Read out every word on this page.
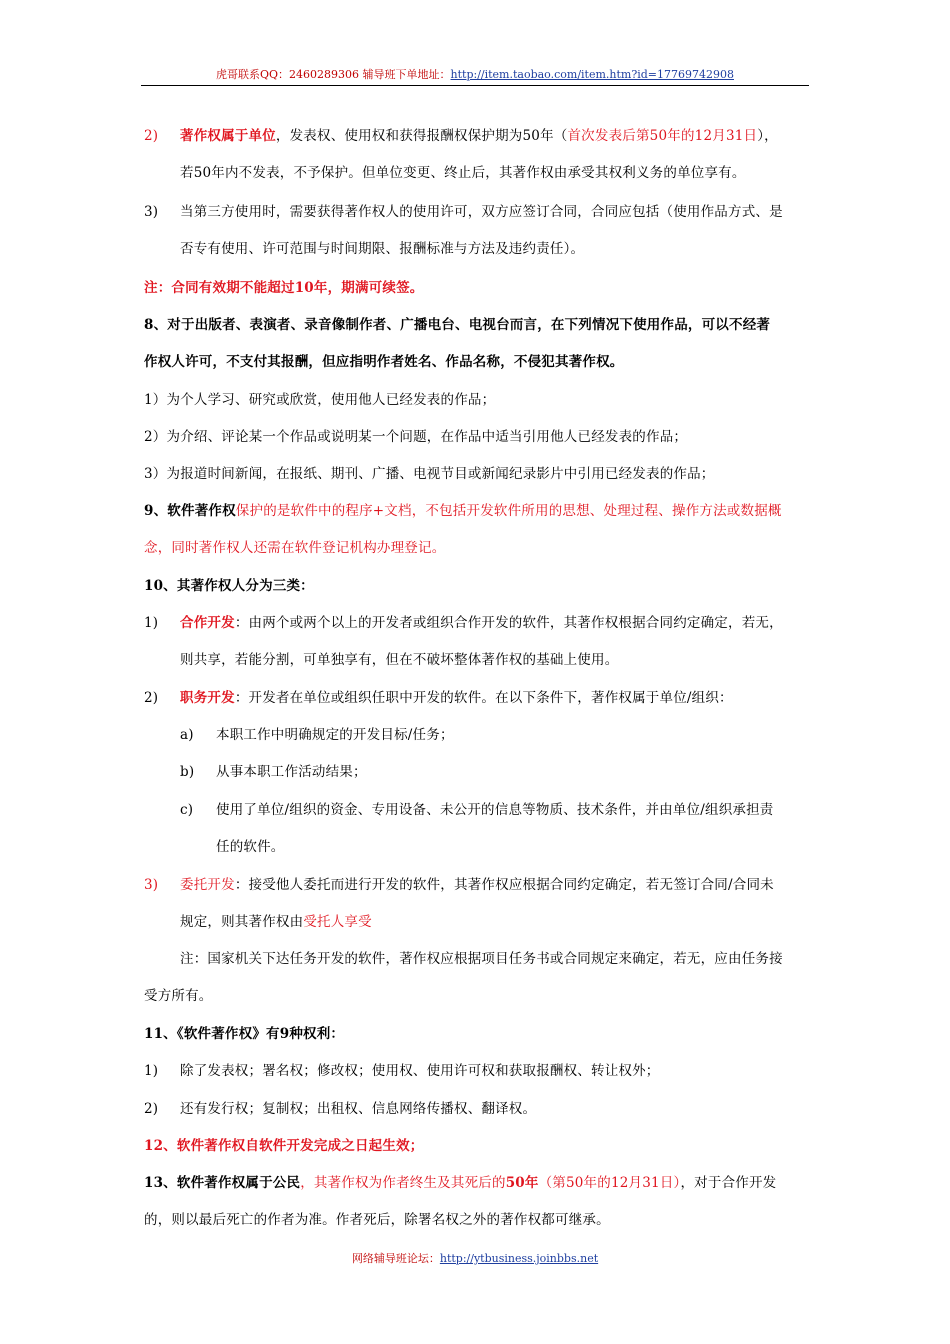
虎哥联系QQ：2460289306 辅导班下单地址：http://item.taobao.com/item.htm?id=17769742908
2) 著作权属于单位，发表权、使用权和获得报酬权保护期为50年（首次发表后第50年的12月31日），
若50年内不发表，不予保护。但单位变更、终止后，其著作权由承受其权利义务的单位享有。
3) 当第三方使用时，需要获得著作权人的使用许可，双方应签订合同，合同应包括（使用作品方式、是
否专有使用、许可范围与时间期限、报酬标准与方法及违约责任）。
注：合同有效期不能超过10年，期满可续签。
8、对于出版者、表演者、录音像制作者、广播电台、电视台而言，在下列情况下使用作品，可以不经著
作权人许可，不支付其报酬，但应指明作者姓名、作品名称，不侵犯其著作权。
1）为个人学习、研究或欣赏，使用他人已经发表的作品；
2）为介绍、评论某一个作品或说明某一个问题，在作品中适当引用他人已经发表的作品；
3）为报道时间新闻，在报纸、期刊、广播、电视节目或新闻纪录影片中引用已经发表的作品；
9、软件著作权保护的是软件中的程序+文档，不包括开发软件所用的思想、处理过程、操作方法或数据概
念，同时著作权人还需在软件登记机构办理登记。
10、其著作权人分为三类：
1) 合作开发：由两个或两个以上的开发者或组织合作开发的软件，其著作权根据合同约定确定，若无，
则共享，若能分割，可单独享有，但在不破坏整体著作权的基础上使用。
2) 职务开发：开发者在单位或组织任职中开发的软件。在以下条件下，著作权属于单位/组织：
a) 本职工作中明确规定的开发目标/任务；
b) 从事本职工作活动结果；
c) 使用了单位/组织的资金、专用设备、未公开的信息等物质、技术条件，并由单位/组织承担责
任的软件。
3) 委托开发：接受他人委托而进行开发的软件，其著作权应根据合同约定确定，若无签订合同/合同未
规定，则其著作权由受托人享受
注：国家机关下达任务开发的软件，著作权应根据项目任务书或合同规定来确定，若无，应由任务接
受方所有。
11、《软件著作权》有9种权利：
1) 除了发表权；署名权；修改权；使用权、使用许可权和获取报酬权、转让权外；
2) 还有发行权；复制权；出租权、信息网络传播权、翻译权。
12、软件著作权自软件开发完成之日起生效；
13、软件著作权属于公民，其著作权为作者终生及其死后的50年（第50年的12月31日），对于合作开发
的，则以最后死亡的作者为准。作者死后，除署名权之外的著作权都可继承。
网络辅导班论坛：http://ytbusiness.joinbbs.net
